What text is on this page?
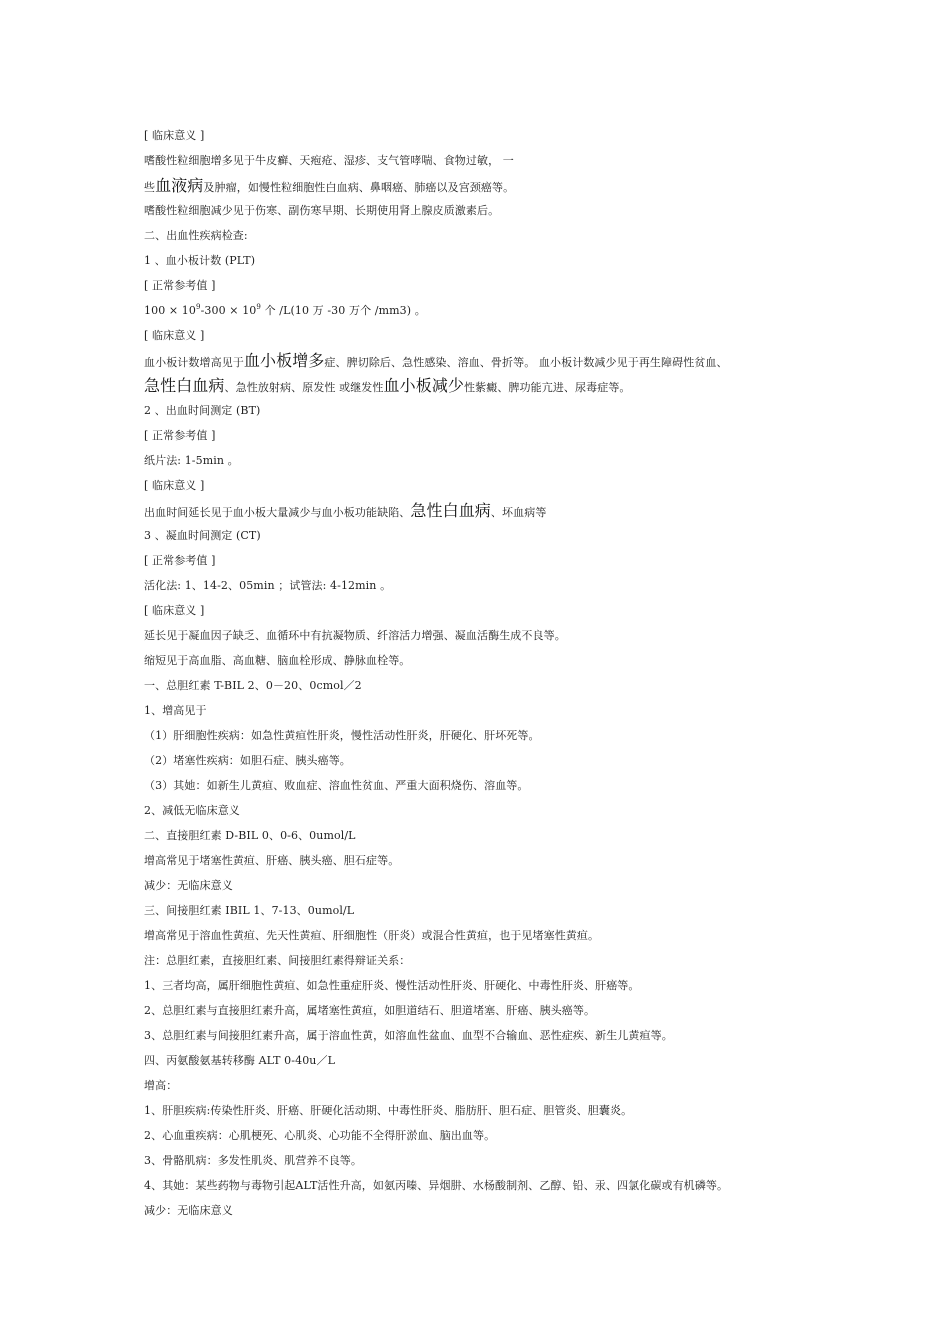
[ 临床意义 ]
嗜酸性粒细胞增多见于牛皮癣、天疱疮、湿疹、支气管哮喘、食物过敏， 一
些血液病及肿瘤，如慢性粒细胞性白血病、鼻咽癌、肺癌以及宫颈癌等。
嗜酸性粒细胞减少见于伤寒、副伤寒早期、长期使用肾上腺皮质激素后。
二、出血性疾病检查:
1 、血小板计数 (PLT)
[ 正常参考值 ]
$100 \times 10^9-300 \times 10^9$ 个 /L(10 万 -30 万个 /mm3) 。
[ 临床意义 ]
血小板计数增高见于血小板增多症、脾切除后、急性感染、溶血、骨折等。 血小板计数减少见于再生障碍性贫血、
急性白血病、急性放射病、原发性 或继发性血小板减少性紫癜、脾功能亢进、尿毒症等。
2 、出血时间测定 (BT)
[ 正常参考值 ]
纸片法: 1-5min 。
[ 临床意义 ]
出血时间延长见于血小板大量减少与血小板功能缺陷、急性白血病、坏血病等
3 、凝血时间测定 (CT)
[ 正常参考值 ]
活化法: 1、14-2、05min ；试管法: 4-12min 。
[ 临床意义 ]
延长见于凝血因子缺乏、血循环中有抗凝物质、纤溶活力增强、凝血活酶生成不良等。
缩短见于高血脂、高血糖、脑血栓形成、静脉血栓等。
一、总胆红素 T-BIL 2、0－20、0cmol／2
1、增高见于
（1）肝细胞性疾病：如急性黄疸性肝炎，慢性活动性肝炎，肝硬化、肝坏死等。
（2）堵塞性疾病：如胆石症、胰头癌等。
（3）其她：如新生儿黄疸、败血症、溶血性贫血、严重大面积烧伤、溶血等。
2、减低无临床意义
二、直接胆红素 D-BIL 0、0-6、0umol/L
增高常见于堵塞性黄疸、肝癌、胰头癌、胆石症等。
减少：无临床意义
三、间接胆红素 IBIL 1、7-13、0umol/L
增高常见于溶血性黄疸、先天性黄疸、肝细胞性（肝炎）或混合性黄疸，也于见堵塞性黄疸。
注：总胆红素，直接胆红素、间接胆红素得辩证关系：
1、三者均高，属肝细胞性黄疸、如急性重症肝炎、慢性活动性肝炎、肝硬化、中毒性肝炎、肝癌等。
2、总胆红素与直接胆红素升高，属堵塞性黄疸，如胆道结石、胆道堵塞、肝癌、胰头癌等。
3、总胆红素与间接胆红素升高，属于溶血性黄，如溶血性盆血、血型不合输血、恶性症疾、新生儿黄疸等。
四、丙氨酸氨基转移酶 ALT 0-40u／L
增高：
1、肝胆疾病:传染性肝炎、肝癌、肝硬化活动期、中毒性肝炎、脂肪肝、胆石症、胆管炎、胆囊炎。
2、心血重疾病：心肌梗死、心肌炎、心功能不全得肝淤血、脑出血等。
3、骨骼肌病：多发性肌炎、肌营养不良等。
4、其她：某些药物与毒物引起ALT活性升高，如氨丙嗪、异烟肼、水杨酸制剂、乙醇、铅、汞、四氯化碳或有机磷等。
减少：无临床意义
